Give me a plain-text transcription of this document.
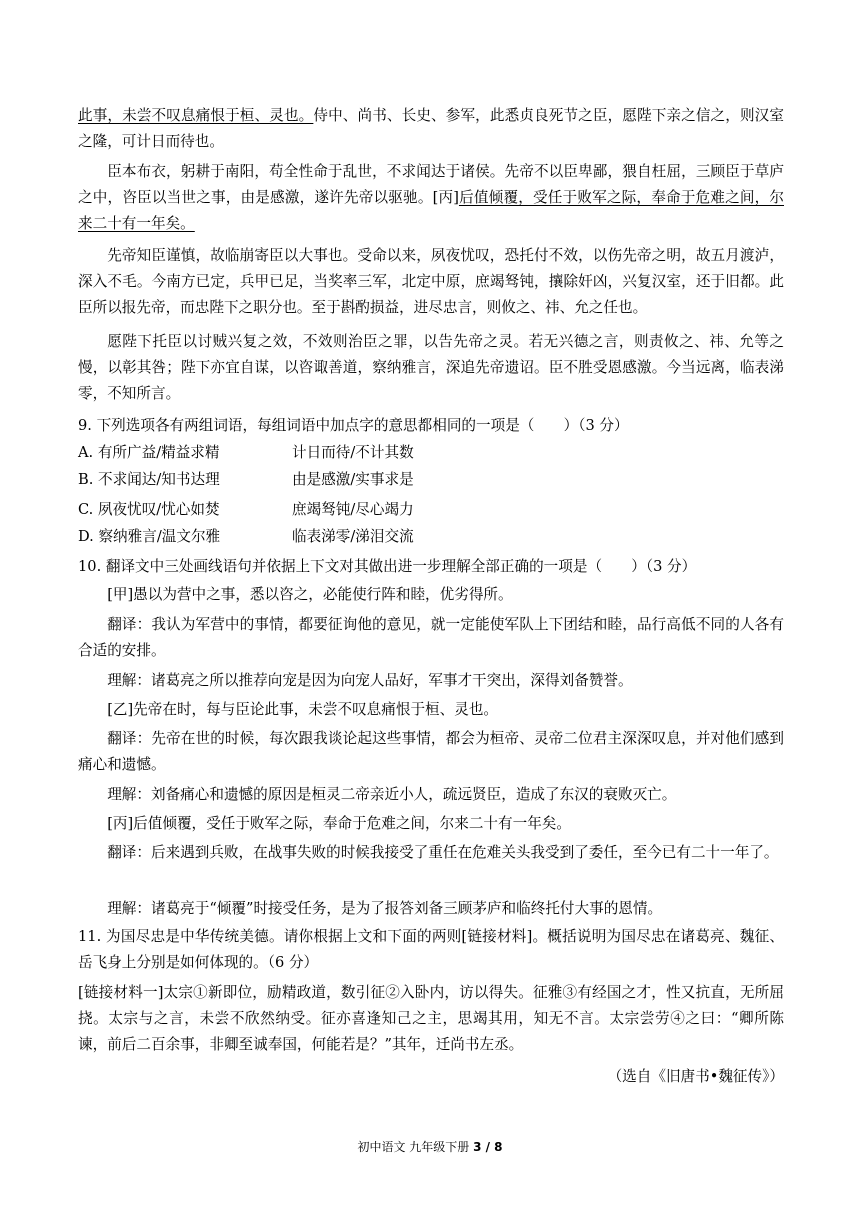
此事，未尝不叹息痛恨于桓、灵也。侍中、尚书、长史、参军，此悉贞良死节之臣，愿陛下亲之信之，则汉室之隆，可计日而待也。
臣本布衣，躬耕于南阳，苟全性命于乱世，不求闻达于诸侯。先帝不以臣卑鄙，猥自枉屈，三顾臣于草庐之中，咨臣以当世之事，由是感激，遂许先帝以驱驰。[丙]后值倾覆，受任于败军之际，奉命于危难之间，尔来二十有一年矣。
先帝知臣谨慎，故临崩寄臣以大事也。受命以来，夙夜忧叹，恐托付不效，以伤先帝之明，故五月渡泸，深入不毛。今南方已定，兵甲已足，当奖率三军，北定中原，庶竭驽钝，攘除奸凶，兴复汉室，还于旧都。此臣所以报先帝，而忠陛下之职分也。至于斟酌损益，进尽忠言，则攸之、祎、允之任也。
愿陛下托臣以讨贼兴复之效，不效则治臣之罪，以告先帝之灵。若无兴德之言，则责攸之、祎、允等之慢，以彰其咎；陛下亦宜自谋，以咨诹善道，察纳雅言，深追先帝遗诏。臣不胜受恩感激。今当远离，临表涕零，不知所言。
9. 下列选项各有两组词语，每组词语中加点字的意思都相同的一项是（　　）（3 分）
A. 有所广益/精益求精	计日而待/不计其数
B. 不求闻达/知书达理	由是感激/实事求是
C. 夙夜忧叹/忧心如焚	庶竭驽钝/尽心竭力
D. 察纳雅言/温文尔雅	临表涕零/涕泪交流
10. 翻译文中三处画线语句并依据上下文对其做出进一步理解全部正确的一项是（　　）（3 分）
[甲]愚以为营中之事，悉以咨之，必能使行阵和睦，优劣得所。
翻译：我认为军营中的事情，都要征询他的意见，就一定能使军队上下团结和睦，品行高低不同的人各有合适的安排。
理解：诸葛亮之所以推荐向宠是因为向宠人品好，军事才干突出，深得刘备赞誉。
[乙]先帝在时，每与臣论此事，未尝不叹息痛恨于桓、灵也。
翻译：先帝在世的时候，每次跟我谈论起这些事情，都会为桓帝、灵帝二位君主深深叹息，并对他们感到痛心和遗憾。
理解：刘备痛心和遗憾的原因是桓灵二帝亲近小人，疏远贤臣，造成了东汉的衰败灭亡。
[丙]后值倾覆，受任于败军之际，奉命于危难之间，尔来二十有一年矣。
翻译：后来遇到兵败，在战事失败的时候我接受了重任在危难关头我受到了委任，至今已有二十一年了。
理解：诸葛亮于“倾覆”时接受任务，是为了报答刘备三顾茅庐和临终托付大事的恩情。
11. 为国尽忠是中华传统美德。请你根据上文和下面的两则[链接材料]。概括说明为国尽忠在诸葛亮、魏征、岳飞身上分别是如何体现的。（6 分）
[链接材料一]太宗①新即位，励精政道，数引征②入卧内，访以得失。征雅③有经国之才，性又抗直，无所屈挠。太宗与之言，未尝不欣然纳受。征亦喜逢知己之主，思竭其用，知无不言。太宗尝劳④之曰：“卿所陈谏，前后二百余事，非卿至诚奉国，何能若是？”其年，迁尚书左丞。
（选自《旧唐书•魏征传》）
初中语文 九年级下册 3 / 8
